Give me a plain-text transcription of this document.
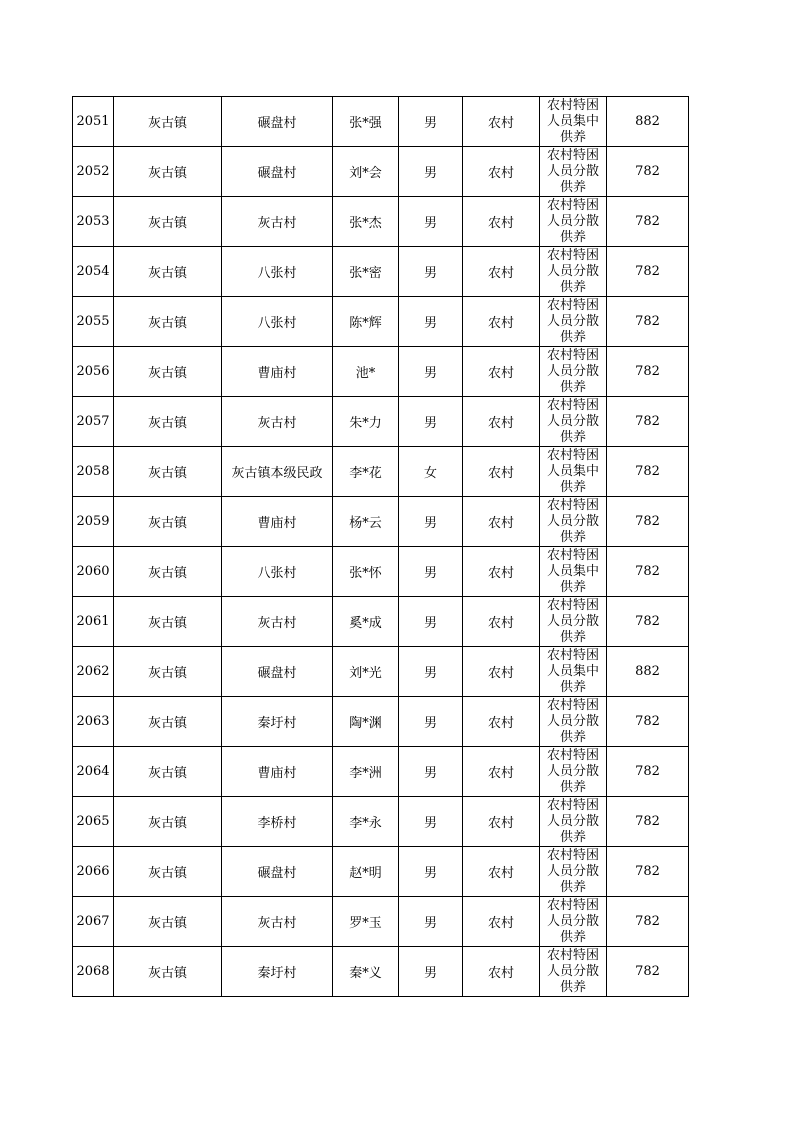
2051	灰古镇	碾盘村	张*强	男	农村	农村特困人员集中供养	882
2052	灰古镇	碾盘村	刘*会	男	农村	农村特困人员分散供养	782
2053	灰古镇	灰古村	张*杰	男	农村	农村特困人员分散供养	782
2054	灰古镇	八张村	张*密	男	农村	农村特困人员分散供养	782
2055	灰古镇	八张村	陈*辉	男	农村	农村特困人员分散供养	782
2056	灰古镇	曹庙村	池*	男	农村	农村特困人员分散供养	782
2057	灰古镇	灰古村	朱*力	男	农村	农村特困人员分散供养	782
2058	灰古镇	灰古镇本级民政	李*花	女	农村	农村特困人员集中供养	782
2059	灰古镇	曹庙村	杨*云	男	农村	农村特困人员分散供养	782
2060	灰古镇	八张村	张*怀	男	农村	农村特困人员集中供养	782
2061	灰古镇	灰古村	奚*成	男	农村	农村特困人员分散供养	782
2062	灰古镇	碾盘村	刘*光	男	农村	农村特困人员集中供养	882
2063	灰古镇	秦圩村	陶*渊	男	农村	农村特困人员分散供养	782
2064	灰古镇	曹庙村	李*洲	男	农村	农村特困人员分散供养	782
2065	灰古镇	李桥村	李*永	男	农村	农村特困人员分散供养	782
2066	灰古镇	碾盘村	赵*明	男	农村	农村特困人员分散供养	782
2067	灰古镇	灰古村	罗*玉	男	农村	农村特困人员分散供养	782
2068	灰古镇	秦圩村	秦*义	男	农村	农村特困人员分散供养	782
